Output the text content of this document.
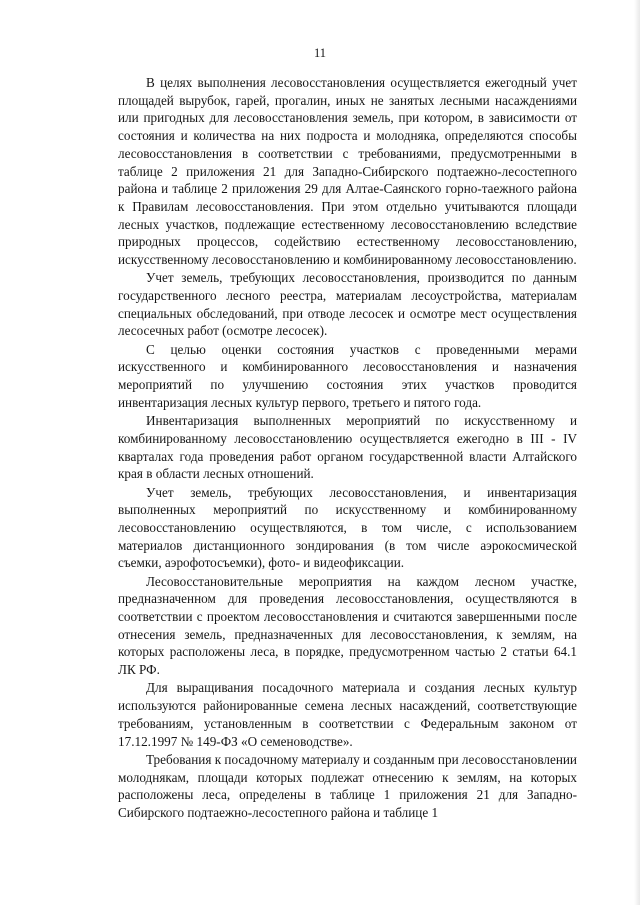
11

В целях выполнения лесовосстановления осуществляется ежегодный учет площадей вырубок, гарей, прогалин, иных не занятых лесными насаждениями или пригодных для лесовосстановления земель, при котором, в зависимости от состояния и количества на них подроста и молодняка, определяются способы лесовосстановления в соответствии с требованиями, предусмотренными в таблице 2 приложения 21 для Западно-Сибирского подтаежно-лесостепного района и таблице 2 приложения 29 для Алтае-Саянского горно-таежного района к Правилам лесовосстановления. При этом отдельно учитываются площади лесных участков, подлежащие естественному лесовосстановлению вследствие природных процессов, содействию естественному лесовосстановлению, искусственному лесовосстановлению и комбинированному лесовосстановлению.

Учет земель, требующих лесовосстановления, производится по данным государственного лесного реестра, материалам лесоустройства, материалам специальных обследований, при отводе лесосек и осмотре мест осуществления лесосечных работ (осмотре лесосек).

С целью оценки состояния участков с проведенными мерами искусственного и комбинированного лесовосстановления и назначения мероприятий по улучшению состояния этих участков проводится инвентаризация лесных культур первого, третьего и пятого года.

Инвентаризация выполненных мероприятий по искусственному и комбинированному лесовосстановлению осуществляется ежегодно в III - IV кварталах года проведения работ органом государственной власти Алтайского края в области лесных отношений.

Учет земель, требующих лесовосстановления, и инвентаризация выполненных мероприятий по искусственному и комбинированному лесовосстановлению осуществляются, в том числе, с использованием материалов дистанционного зондирования (в том числе аэрокосмической съемки, аэрофотосъемки), фото- и видеофиксации.

Лесовосстановительные мероприятия на каждом лесном участке, предназначенном для проведения лесовосстановления, осуществляются в соответствии с проектом лесовосстановления и считаются завершенными после отнесения земель, предназначенных для лесовосстановления, к землям, на которых расположены леса, в порядке, предусмотренном частью 2 статьи 64.1 ЛК РФ.

Для выращивания посадочного материала и создания лесных культур используются районированные семена лесных насаждений, соответствующие требованиям, установленным в соответствии с Федеральным законом от 17.12.1997 № 149-ФЗ «О семеноводстве».

Требования к посадочному материалу и созданным при лесовосстановлении молоднякам, площади которых подлежат отнесению к землям, на которых расположены леса, определены в таблице 1 приложения 21 для Западно-Сибирского подтаежно-лесостепного района и таблице 1
